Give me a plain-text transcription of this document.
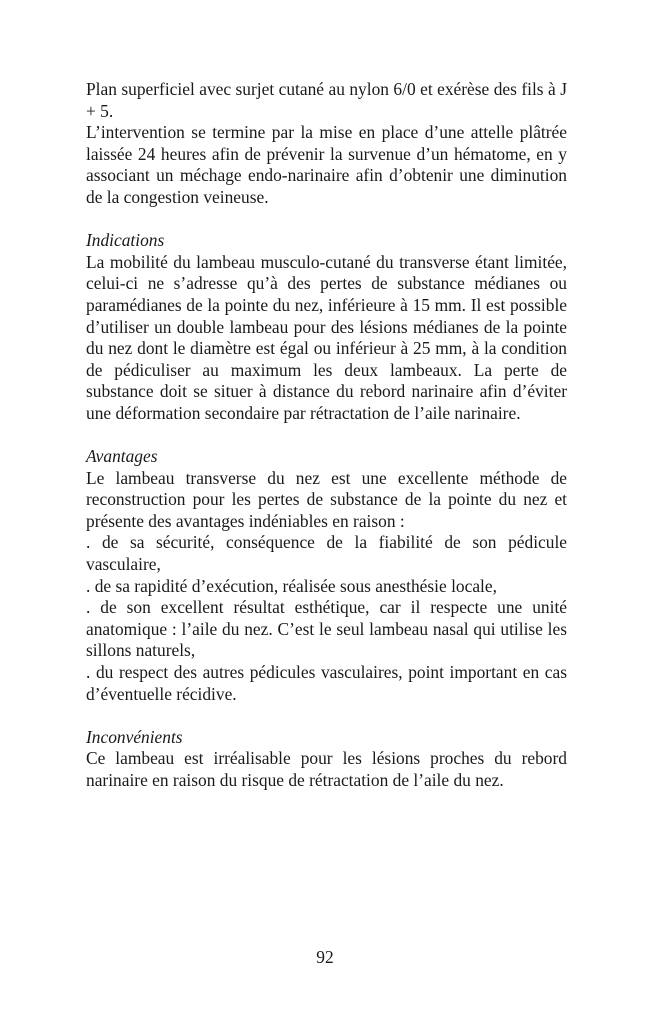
Plan superficiel avec surjet cutané au nylon 6/0 et exérèse des fils à J + 5.

L’intervention se termine par la mise en place d’une attelle plâtrée laissée 24 heures afin de prévenir la survenue d’un hématome, en y associant un méchage endo-narinaire afin d’obtenir une diminution de la congestion veineuse.

Indications

La mobilité du lambeau musculo-cutané du transverse étant limitée, celui-ci ne s’adresse qu’à des pertes de substance médianes ou paramédianes de la pointe du nez, inférieure à 15 mm. Il est possible d’utiliser un double lambeau pour des lésions médianes de la pointe du nez dont le diamètre est égal ou inférieur à 25 mm, à la condition de pédiculiser au maximum les deux lambeaux. La perte de substance doit se situer à distance du rebord narinaire afin d’éviter une déformation secondaire par rétractation de l’aile narinaire.

Avantages

Le lambeau transverse du nez est une excellente méthode de reconstruction pour les pertes de substance de la pointe du nez et présente des avantages indéniables en raison :

. de sa sécurité, conséquence de la fiabilité de son pédicule vasculaire,

. de sa rapidité d’exécution, réalisée sous anesthésie locale,

. de son excellent résultat esthétique, car il respecte une unité anatomique : l’aile du nez. C’est le seul lambeau nasal qui utilise les sillons naturels,

. du respect des autres pédicules vasculaires, point important en cas d’éventuelle récidive.

Inconvénients

Ce lambeau est irréalisable pour les lésions proches du rebord narinaire en raison du risque de rétractation de l’aile du nez.

92
